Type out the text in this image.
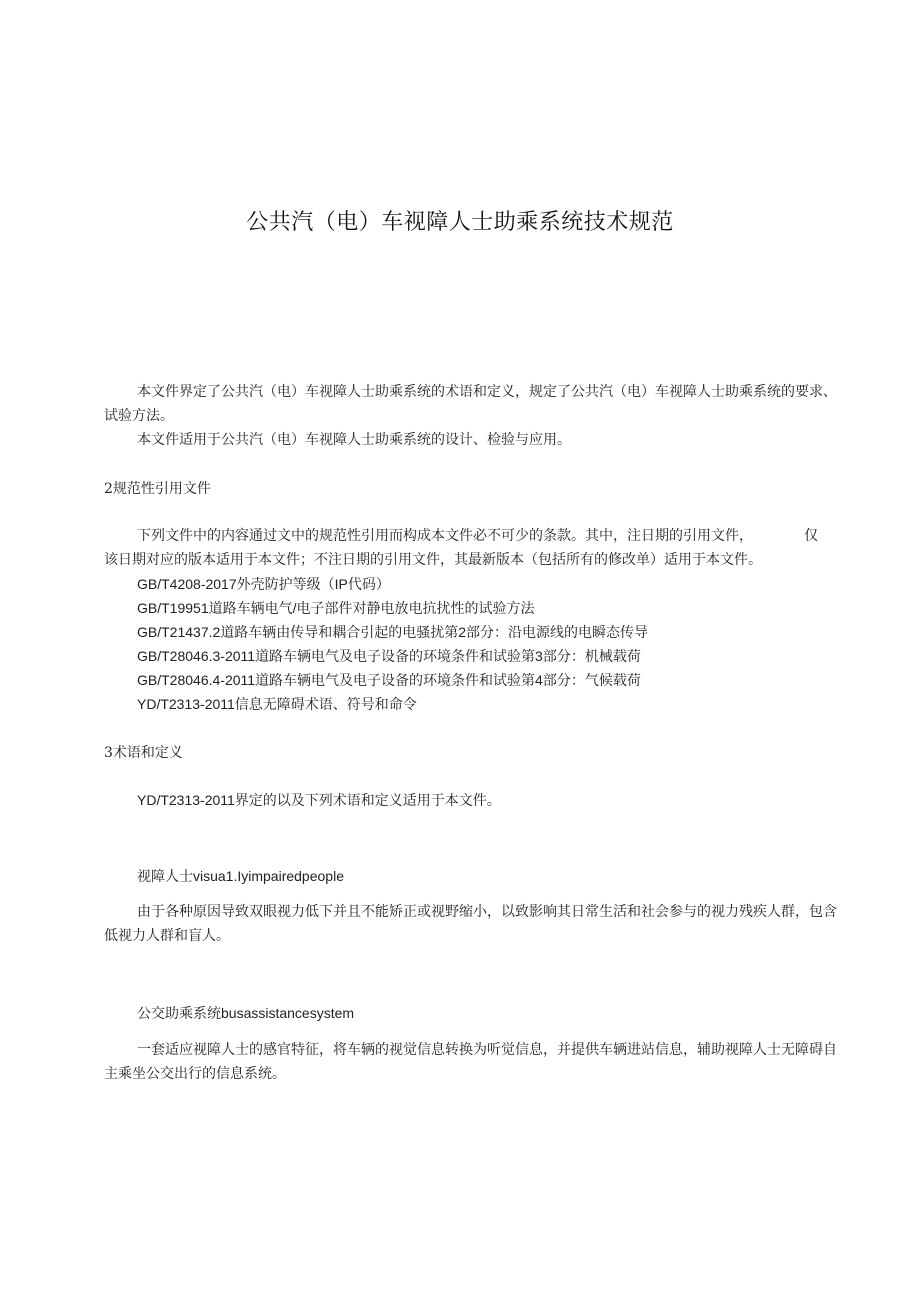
公共汽（电）车视障人士助乘系统技术规范
本文件界定了公共汽（电）车视障人士助乘系统的术语和定义，规定了公共汽（电）车视障人士助乘系统的要求、试验方法。
本文件适用于公共汽（电）车视障人士助乘系统的设计、检验与应用。
2规范性引用文件
下列文件中的内容通过文中的规范性引用而构成本文件必不可少的条款。其中，注日期的引用文件，	仅
该日期对应的版本适用于本文件；不注日期的引用文件，其最新版本（包括所有的修改单）适用于本文件。
GB/T4208-2017外壳防护等级（IP代码）
GB/T19951道路车辆电气/电子部件对静电放电抗扰性的试验方法
GB/T21437.2道路车辆由传导和耦合引起的电骚扰第2部分：沿电源线的电瞬态传导
GB/T28046.3-2011道路车辆电气及电子设备的环境条件和试验第3部分：机械载荷
GB/T28046.4-2011道路车辆电气及电子设备的环境条件和试验第4部分：气候载荷
YD/T2313-2011信息无障碍术语、符号和命令
3术语和定义
YD/T2313-2011界定的以及下列术语和定义适用于本文件。
视障人士visua1.Iyimpairedpeople
由于各种原因导致双眼视力低下并且不能矫正或视野缩小，以致影响其日常生活和社会参与的视力残疾人群，包含低视力人群和盲人。
公交助乘系统busassistancesystem
一套适应视障人士的感官特征，将车辆的视觉信息转换为听觉信息，并提供车辆进站信息，辅助视障人士无障碍自主乘坐公交出行的信息系统。
